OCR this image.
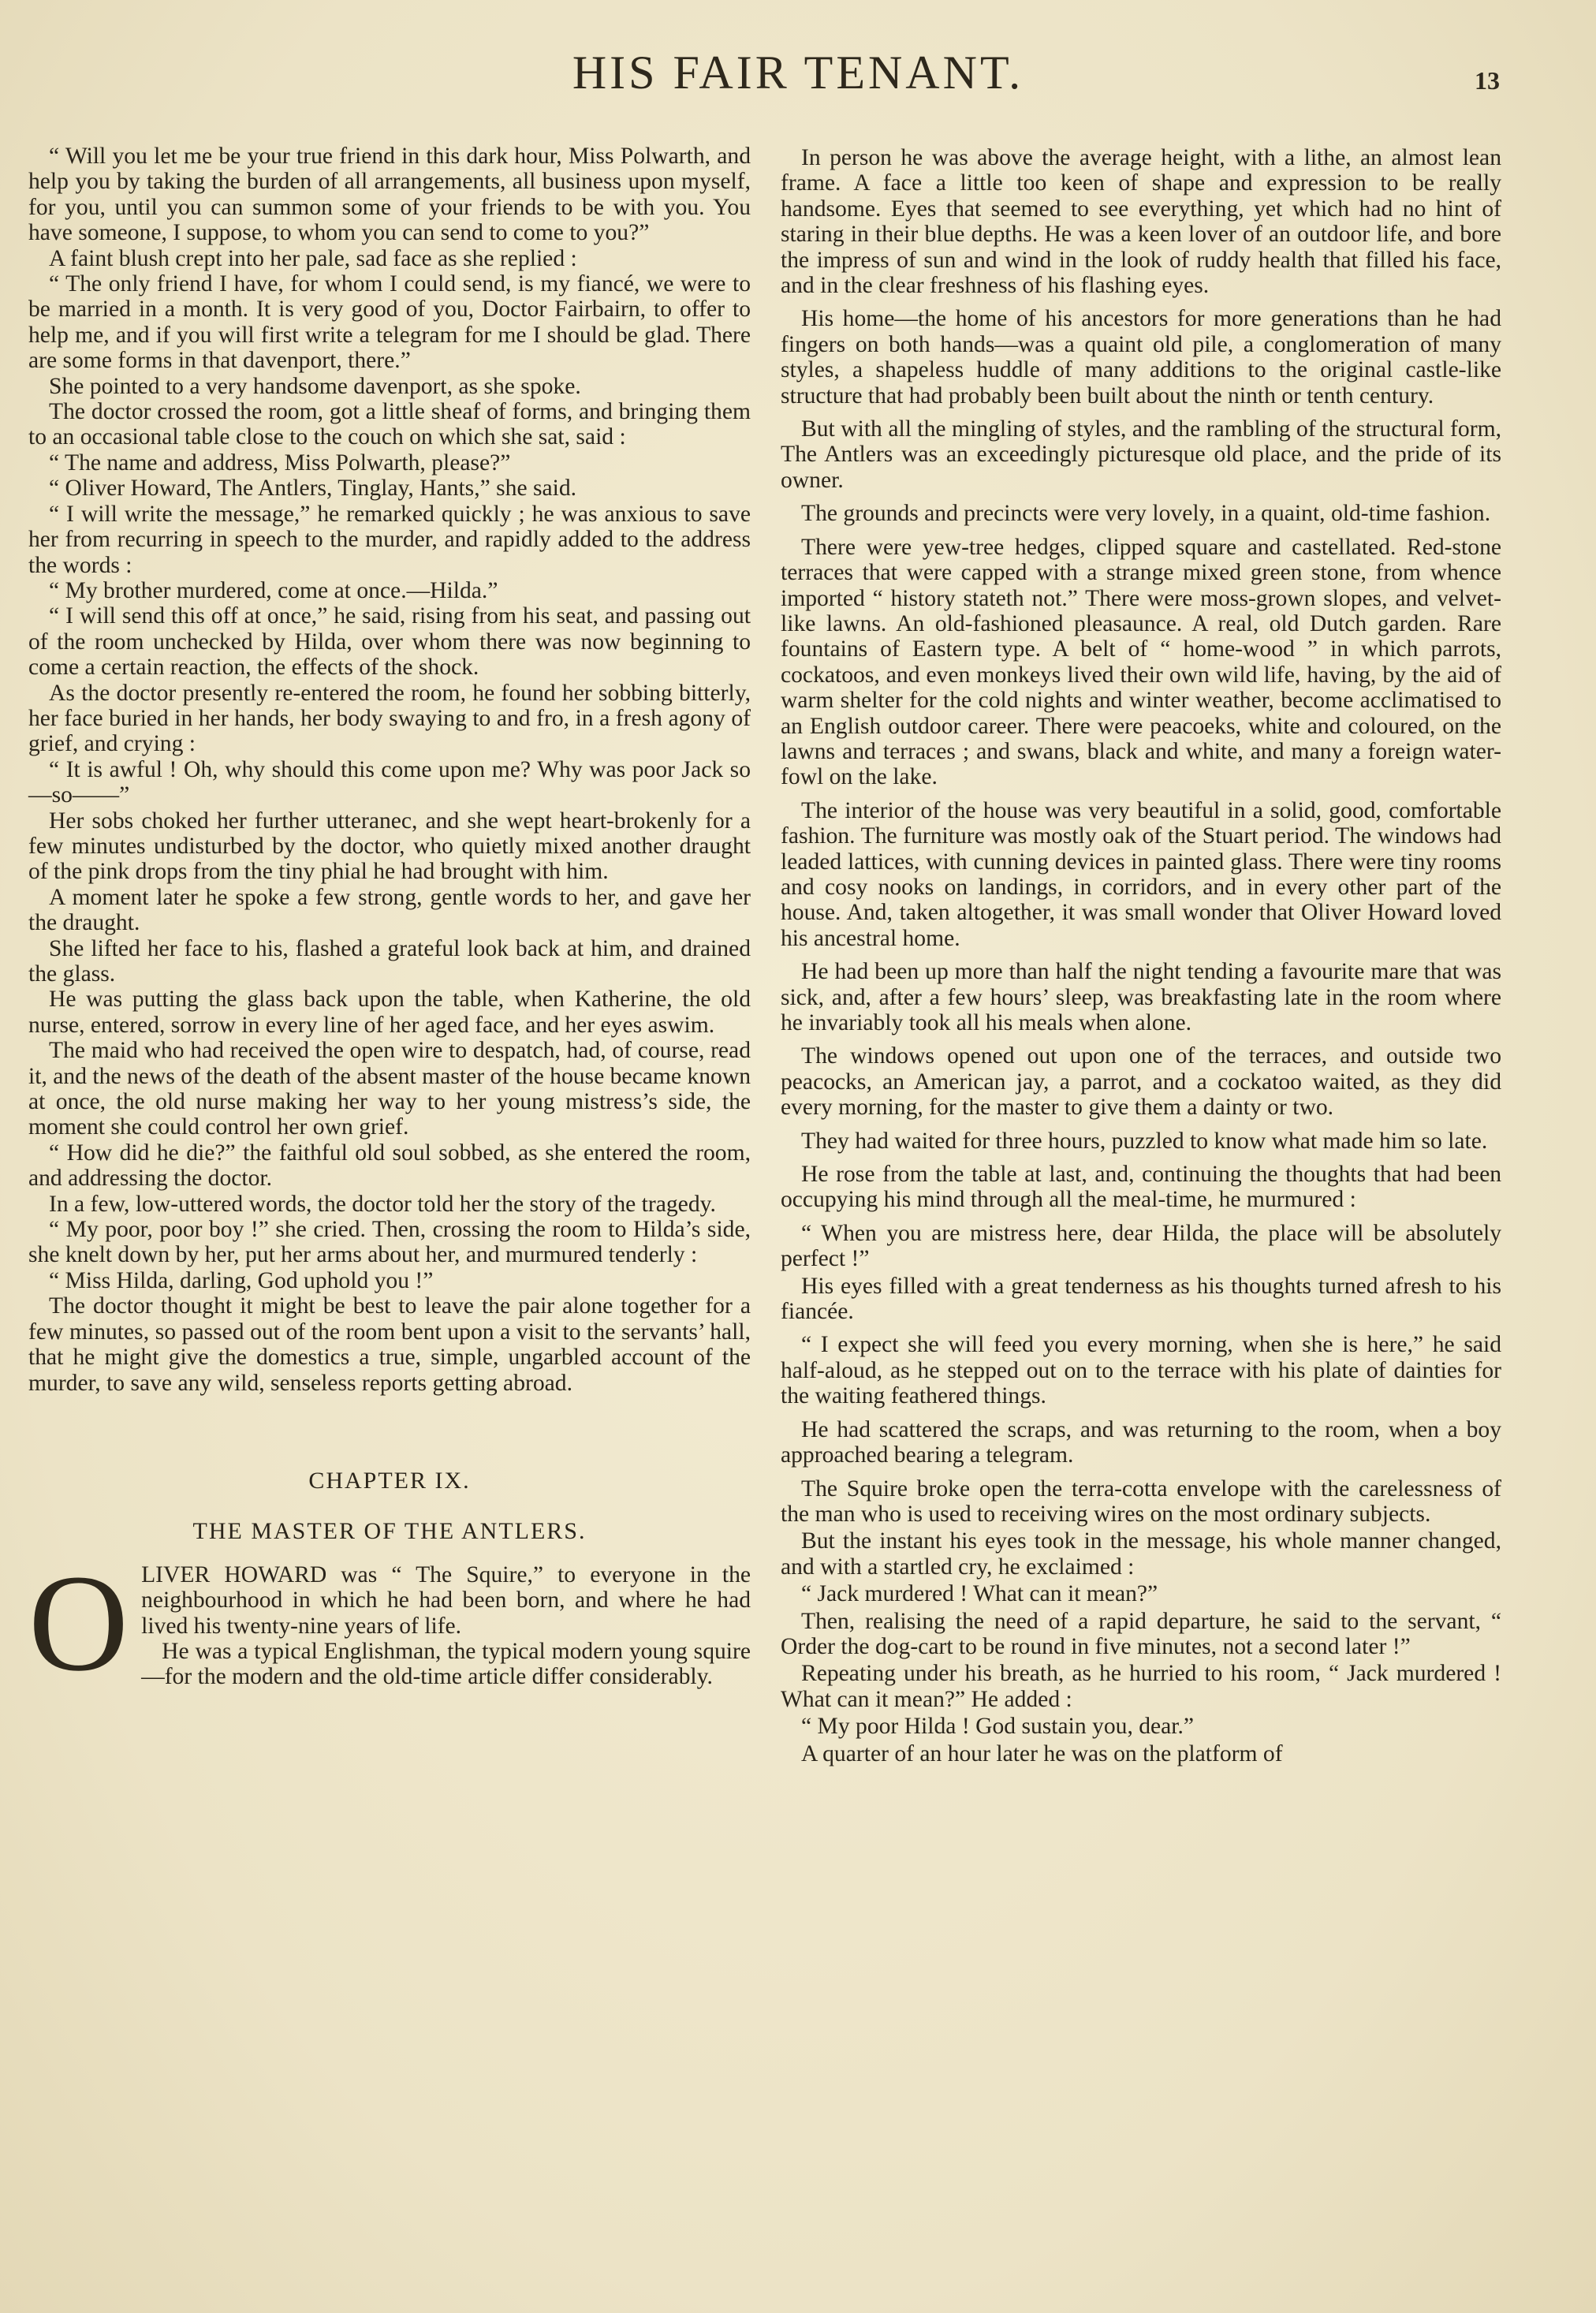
HIS FAIR TENANT.	13

“ Will you let me be your true friend in this dark hour, Miss Polwarth, and help you by taking the burden of all arrangements, all business upon myself, for you, until you can summon some of your friends to be with you. You have someone, I suppose, to whom you can send to come to you?”

A faint blush crept into her pale, sad face as she replied :

“ The only friend I have, for whom I could send, is my fiancé, we were to be married in a month. It is very good of you, Doctor Fairbairn, to offer to help me, and if you will first write a telegram for me I should be glad. There are some forms in that davenport, there.”

She pointed to a very handsome davenport, as she spoke.

The doctor crossed the room, got a little sheaf of forms, and bringing them to an occasional table close to the couch on which she sat, said :

“ The name and address, Miss Polwarth, please?”

“ Oliver Howard, The Antlers, Tinglay, Hants,” she said.

“ I will write the message,” he remarked quickly ; he was anxious to save her from recurring in speech to the murder, and rapidly added to the address the words :

“ My brother murdered, come at once.—Hilda.”

“ I will send this off at once,” he said, rising from his seat, and passing out of the room unchecked by Hilda, over whom there was now beginning to come a certain reaction, the effects of the shock.

As the doctor presently re-entered the room, he found her sobbing bitterly, her face buried in her hands, her body swaying to and fro, in a fresh agony of grief, and crying :

“ It is awful ! Oh, why should this come upon me? Why was poor Jack so—so——”

Her sobs choked her further utteranec, and she wept heart-brokenly for a few minutes undisturbed by the doctor, who quietly mixed another draught of the pink drops from the tiny phial he had brought with him.

A moment later he spoke a few strong, gentle words to her, and gave her the draught.

She lifted her face to his, flashed a grateful look back at him, and drained the glass.

He was putting the glass back upon the table, when Katherine, the old nurse, entered, sorrow in every line of her aged face, and her eyes aswim.

The maid who had received the open wire to despatch, had, of course, read it, and the news of the death of the absent master of the house became known at once, the old nurse making her way to her young mistress’s side, the moment she could control her own grief.

“ How did he die?” the faithful old soul sobbed, as she entered the room, and addressing the doctor.

In a few, low-uttered words, the doctor told her the story of the tragedy.

“ My poor, poor boy !” she cried. Then, crossing the room to Hilda’s side, she knelt down by her, put her arms about her, and murmured tenderly :

“ Miss Hilda, darling, God uphold you !”

The doctor thought it might be best to leave the pair alone together for a few minutes, so passed out of the room bent upon a visit to the servants’ hall, that he might give the domestics a true, simple, ungarbled account of the murder, to save any wild, senseless reports getting abroad.

CHAPTER IX.
THE MASTER OF THE ANTLERS.

OLIVER HOWARD was “ The Squire,” to everyone in the neighbourhood in which he had been born, and where he had lived his twenty-nine years of life.
He was a typical Englishman, the typical modern young squire—for the modern and the old-time article differ considerably.

In person he was above the average height, with a lithe, an almost lean frame. A face a little too keen of shape and expression to be really handsome. Eyes that seemed to see everything, yet which had no hint of staring in their blue depths. He was a keen lover of an outdoor life, and bore the impress of sun and wind in the look of ruddy health that filled his face, and in the clear freshness of his flashing eyes.

His home—the home of his ancestors for more generations than he had fingers on both hands—was a quaint old pile, a conglomeration of many styles, a shapeless huddle of many additions to the original castle-like structure that had probably been built about the ninth or tenth century.

But with all the mingling of styles, and the rambling of the structural form, The Antlers was an exceedingly picturesque old place, and the pride of its owner.

The grounds and precincts were very lovely, in a quaint, old-time fashion.

There were yew-tree hedges, clipped square and castellated. Red-stone terraces that were capped with a strange mixed green stone, from whence imported “ history stateth not.” There were moss-grown slopes, and velvet-like lawns. An old-fashioned pleasaunce. A real, old Dutch garden. Rare fountains of Eastern type. A belt of “ home-wood ” in which parrots, cockatoos, and even monkeys lived their own wild life, having, by the aid of warm shelter for the cold nights and winter weather, become acclimatised to an English outdoor career. There were peacoeks, white and coloured, on the lawns and terraces ; and swans, black and white, and many a foreign water-fowl on the lake.

The interior of the house was very beautiful in a solid, good, comfortable fashion. The furniture was mostly oak of the Stuart period. The windows had leaded lattices, with cunning devices in painted glass. There were tiny rooms and cosy nooks on landings, in corridors, and in every other part of the house. And, taken altogether, it was small wonder that Oliver Howard loved his ancestral home.

He had been up more than half the night tending a favourite mare that was sick, and, after a few hours’ sleep, was breakfasting late in the room where he invariably took all his meals when alone.

The windows opened out upon one of the terraces, and outside two peacocks, an American jay, a parrot, and a cockatoo waited, as they did every morning, for the master to give them a dainty or two.

They had waited for three hours, puzzled to know what made him so late.

He rose from the table at last, and, continuing the thoughts that had been occupying his mind through all the meal-time, he murmured :

“ When you are mistress here, dear Hilda, the place will be absolutely perfect !”

His eyes filled with a great tenderness as his thoughts turned afresh to his fiancée.

“ I expect she will feed you every morning, when she is here,” he said half-aloud, as he stepped out on to the terrace with his plate of dainties for the waiting feathered things.

He had scattered the scraps, and was returning to the room, when a boy approached bearing a telegram.

The Squire broke open the terra-cotta envelope with the carelessness of the man who is used to receiving wires on the most ordinary subjects.

But the instant his eyes took in the message, his whole manner changed, and with a startled cry, he exclaimed :

“ Jack murdered ! What can it mean?”

Then, realising the need of a rapid departure, he said to the servant, “ Order the dog-cart to be round in five minutes, not a second later !”

Repeating under his breath, as he hurried to his room, “ Jack murdered ! What can it mean?” He added :

“ My poor Hilda ! God sustain you, dear.”

A quarter of an hour later he was on the platform of
